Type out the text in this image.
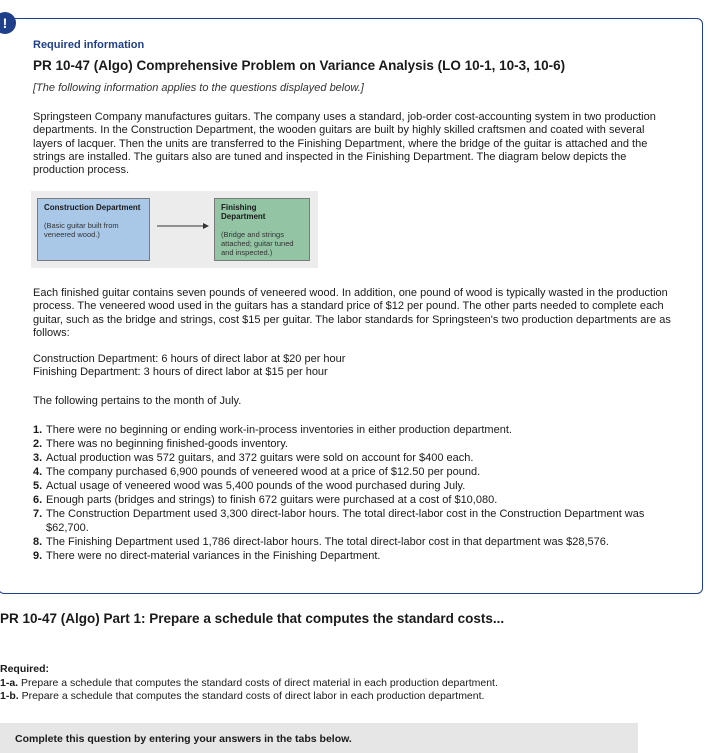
!
Required information
PR 10-47 (Algo) Comprehensive Problem on Variance Analysis (LO 10-1, 10-3, 10-6)
[The following information applies to the questions displayed below.]

Springsteen Company manufactures guitars. The company uses a standard, job-order cost-accounting system in two production departments. In the Construction Department, the wooden guitars are built by highly skilled craftsmen and coated with several layers of lacquer. Then the units are transferred to the Finishing Department, where the bridge of the guitar is attached and the strings are installed. The guitars also are tuned and inspected in the Finishing Department. The diagram below depicts the production process.

Construction Department
(Basic guitar built from veneered wood.)
Finishing Department
(Bridge and strings attached; guitar tuned and inspected.)

Each finished guitar contains seven pounds of veneered wood. In addition, one pound of wood is typically wasted in the production process. The veneered wood used in the guitars has a standard price of $12 per pound. The other parts needed to complete each guitar, such as the bridge and strings, cost $15 per guitar. The labor standards for Springsteen's two production departments are as follows:

Construction Department: 6 hours of direct labor at $20 per hour
Finishing Department: 3 hours of direct labor at $15 per hour

The following pertains to the month of July.

1. There were no beginning or ending work-in-process inventories in either production department.
2. There was no beginning finished-goods inventory.
3. Actual production was 572 guitars, and 372 guitars were sold on account for $400 each.
4. The company purchased 6,900 pounds of veneered wood at a price of $12.50 per pound.
5. Actual usage of veneered wood was 5,400 pounds of the wood purchased during July.
6. Enough parts (bridges and strings) to finish 672 guitars were purchased at a cost of $10,080.
7. The Construction Department used 3,300 direct-labor hours. The total direct-labor cost in the Construction Department was $62,700.
8. The Finishing Department used 1,786 direct-labor hours. The total direct-labor cost in that department was $28,576.
9. There were no direct-material variances in the Finishing Department.
PR 10-47 (Algo) Part 1: Prepare a schedule that computes the standard costs...
Required:
1-a. Prepare a schedule that computes the standard costs of direct material in each production department.
1-b. Prepare a schedule that computes the standard costs of direct labor in each production department.
Complete this question by entering your answers in the tabs below.
